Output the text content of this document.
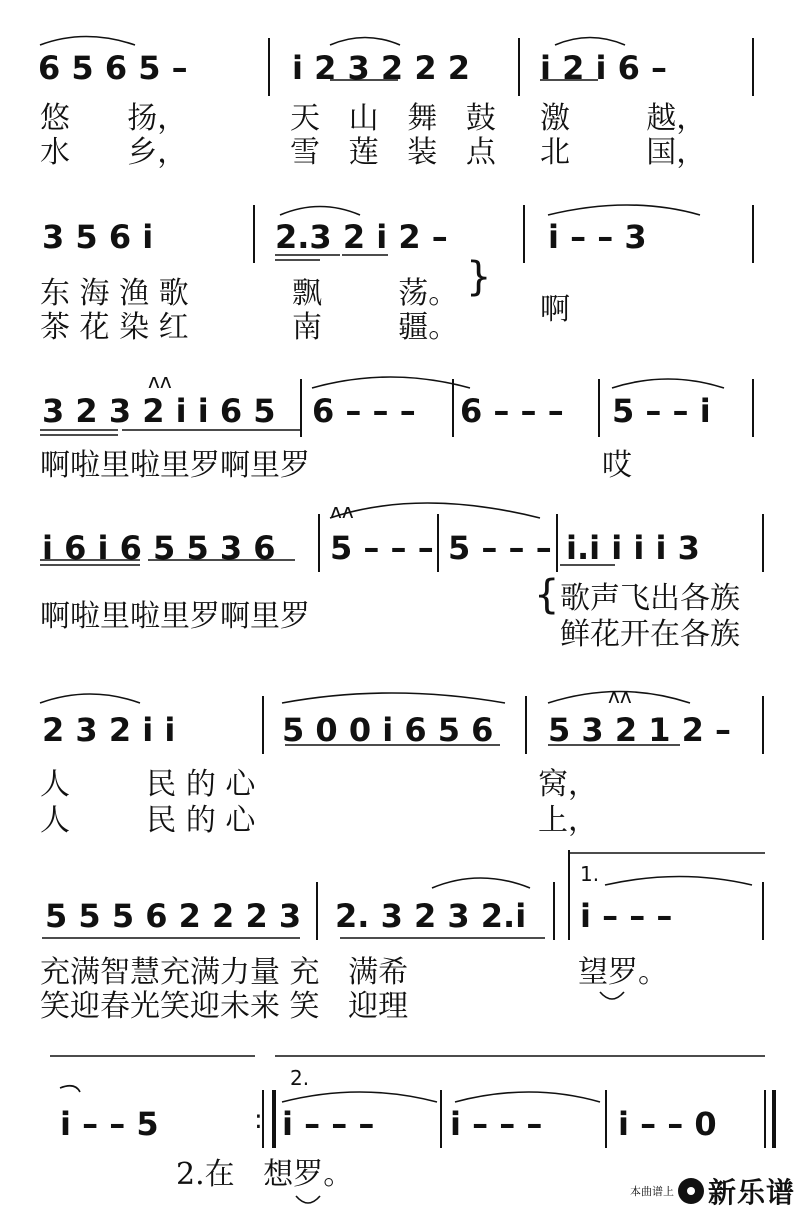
6 5 6 5 –	i 2 3 2 2 2 i 2 i 6 –
悠      扬，	天   山   舞   鼓 激        越，
水      乡，	雪   莲   装   点 北        国，
3 5 6 i	2.3 2 i 2 –	i – – 3
东 海 渔 歌	飘        荡。	啊
茶 花 染 红	南        疆。
3 2 3 2 i i 6 5 6 – – – 6 – – – 5 – – i
啊啦里啦里罗啊里罗	哎
i 6 i 6 5 5 3 6 5 – – – 5 – – – i.i i i i 3
啊啦里啦里罗啊里罗
歌声飞出各族
鲜花开在各族
2 3 2 i i	5 0 0 i 6 5 6 5 3 2 1 2 –
人        民 的 心	窝，
人        民 的 心	上，
1.
5 5 5 6 2 2 2 3 2. 3 2 3 2.i i – – –
充满智慧充满力量 充   满希	望罗。
笑迎春光笑迎未来 笑   迎理
2.
i – – 5	i – – – i – – – i – – 0
2.在   想罗。
ʌʌ
ʌʌ
ʌʌ
}
{
:
本曲谱上 新乐谱
